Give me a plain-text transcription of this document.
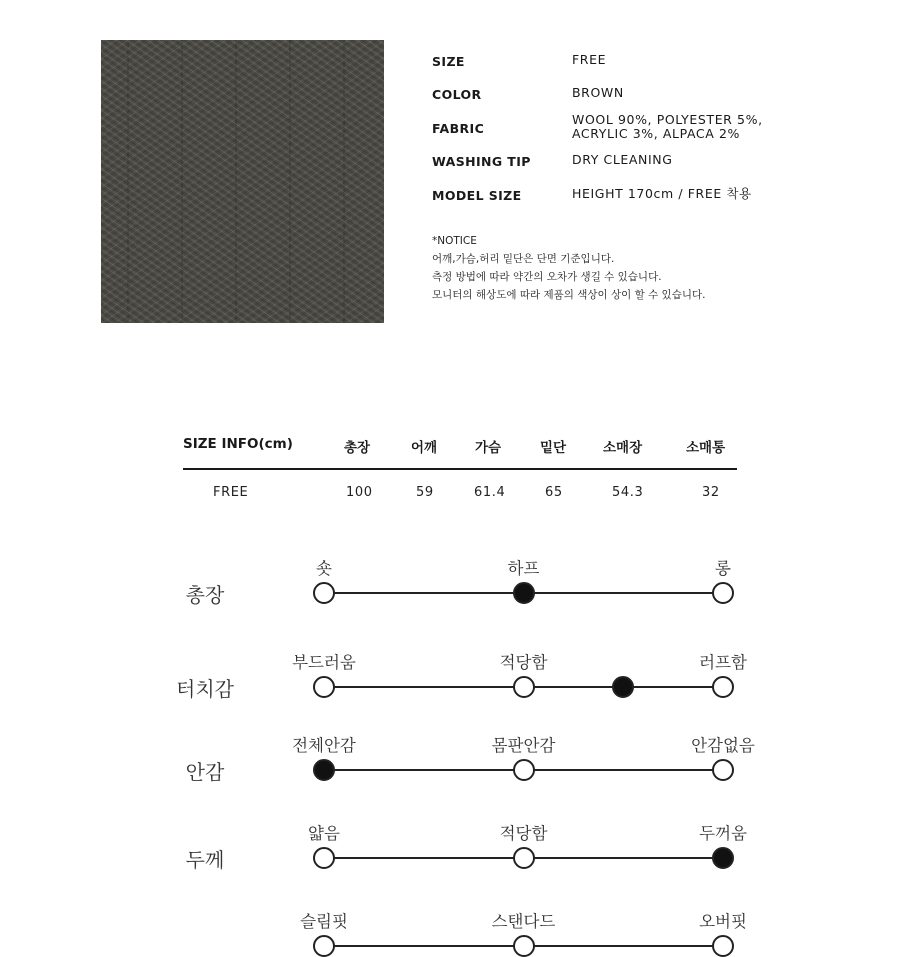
SIZE	FREE
COLOR	BROWN
FABRIC
WOOL 90%, POLYESTER 5%,
ACRYLIC 3%, ALPACA 2%
WASHING TIP	DRY CLEANING
MODEL SIZE	HEIGHT 170cm / FREE 착용
*NOTICE
어깨,가슴,허리 밑단은 단면 기준입니다.
측정 방법에 따라 약간의 오차가 생길 수 있습니다.
모니터의 해상도에 따라 제품의 색상이 상이 할 수 있습니다.
SIZE INFO(cm)	총장	어깨	가슴	밑단	소매장	소매통
FREE	100	59	61.4	65	54.3	32
총장
숏	하프	롱
터치감
부드러움	적당함	러프함
안감
전체안감	몸판안감	안감없음
두께
얇음	적당함	두꺼움
슬림핏	스탠다드	오버핏
